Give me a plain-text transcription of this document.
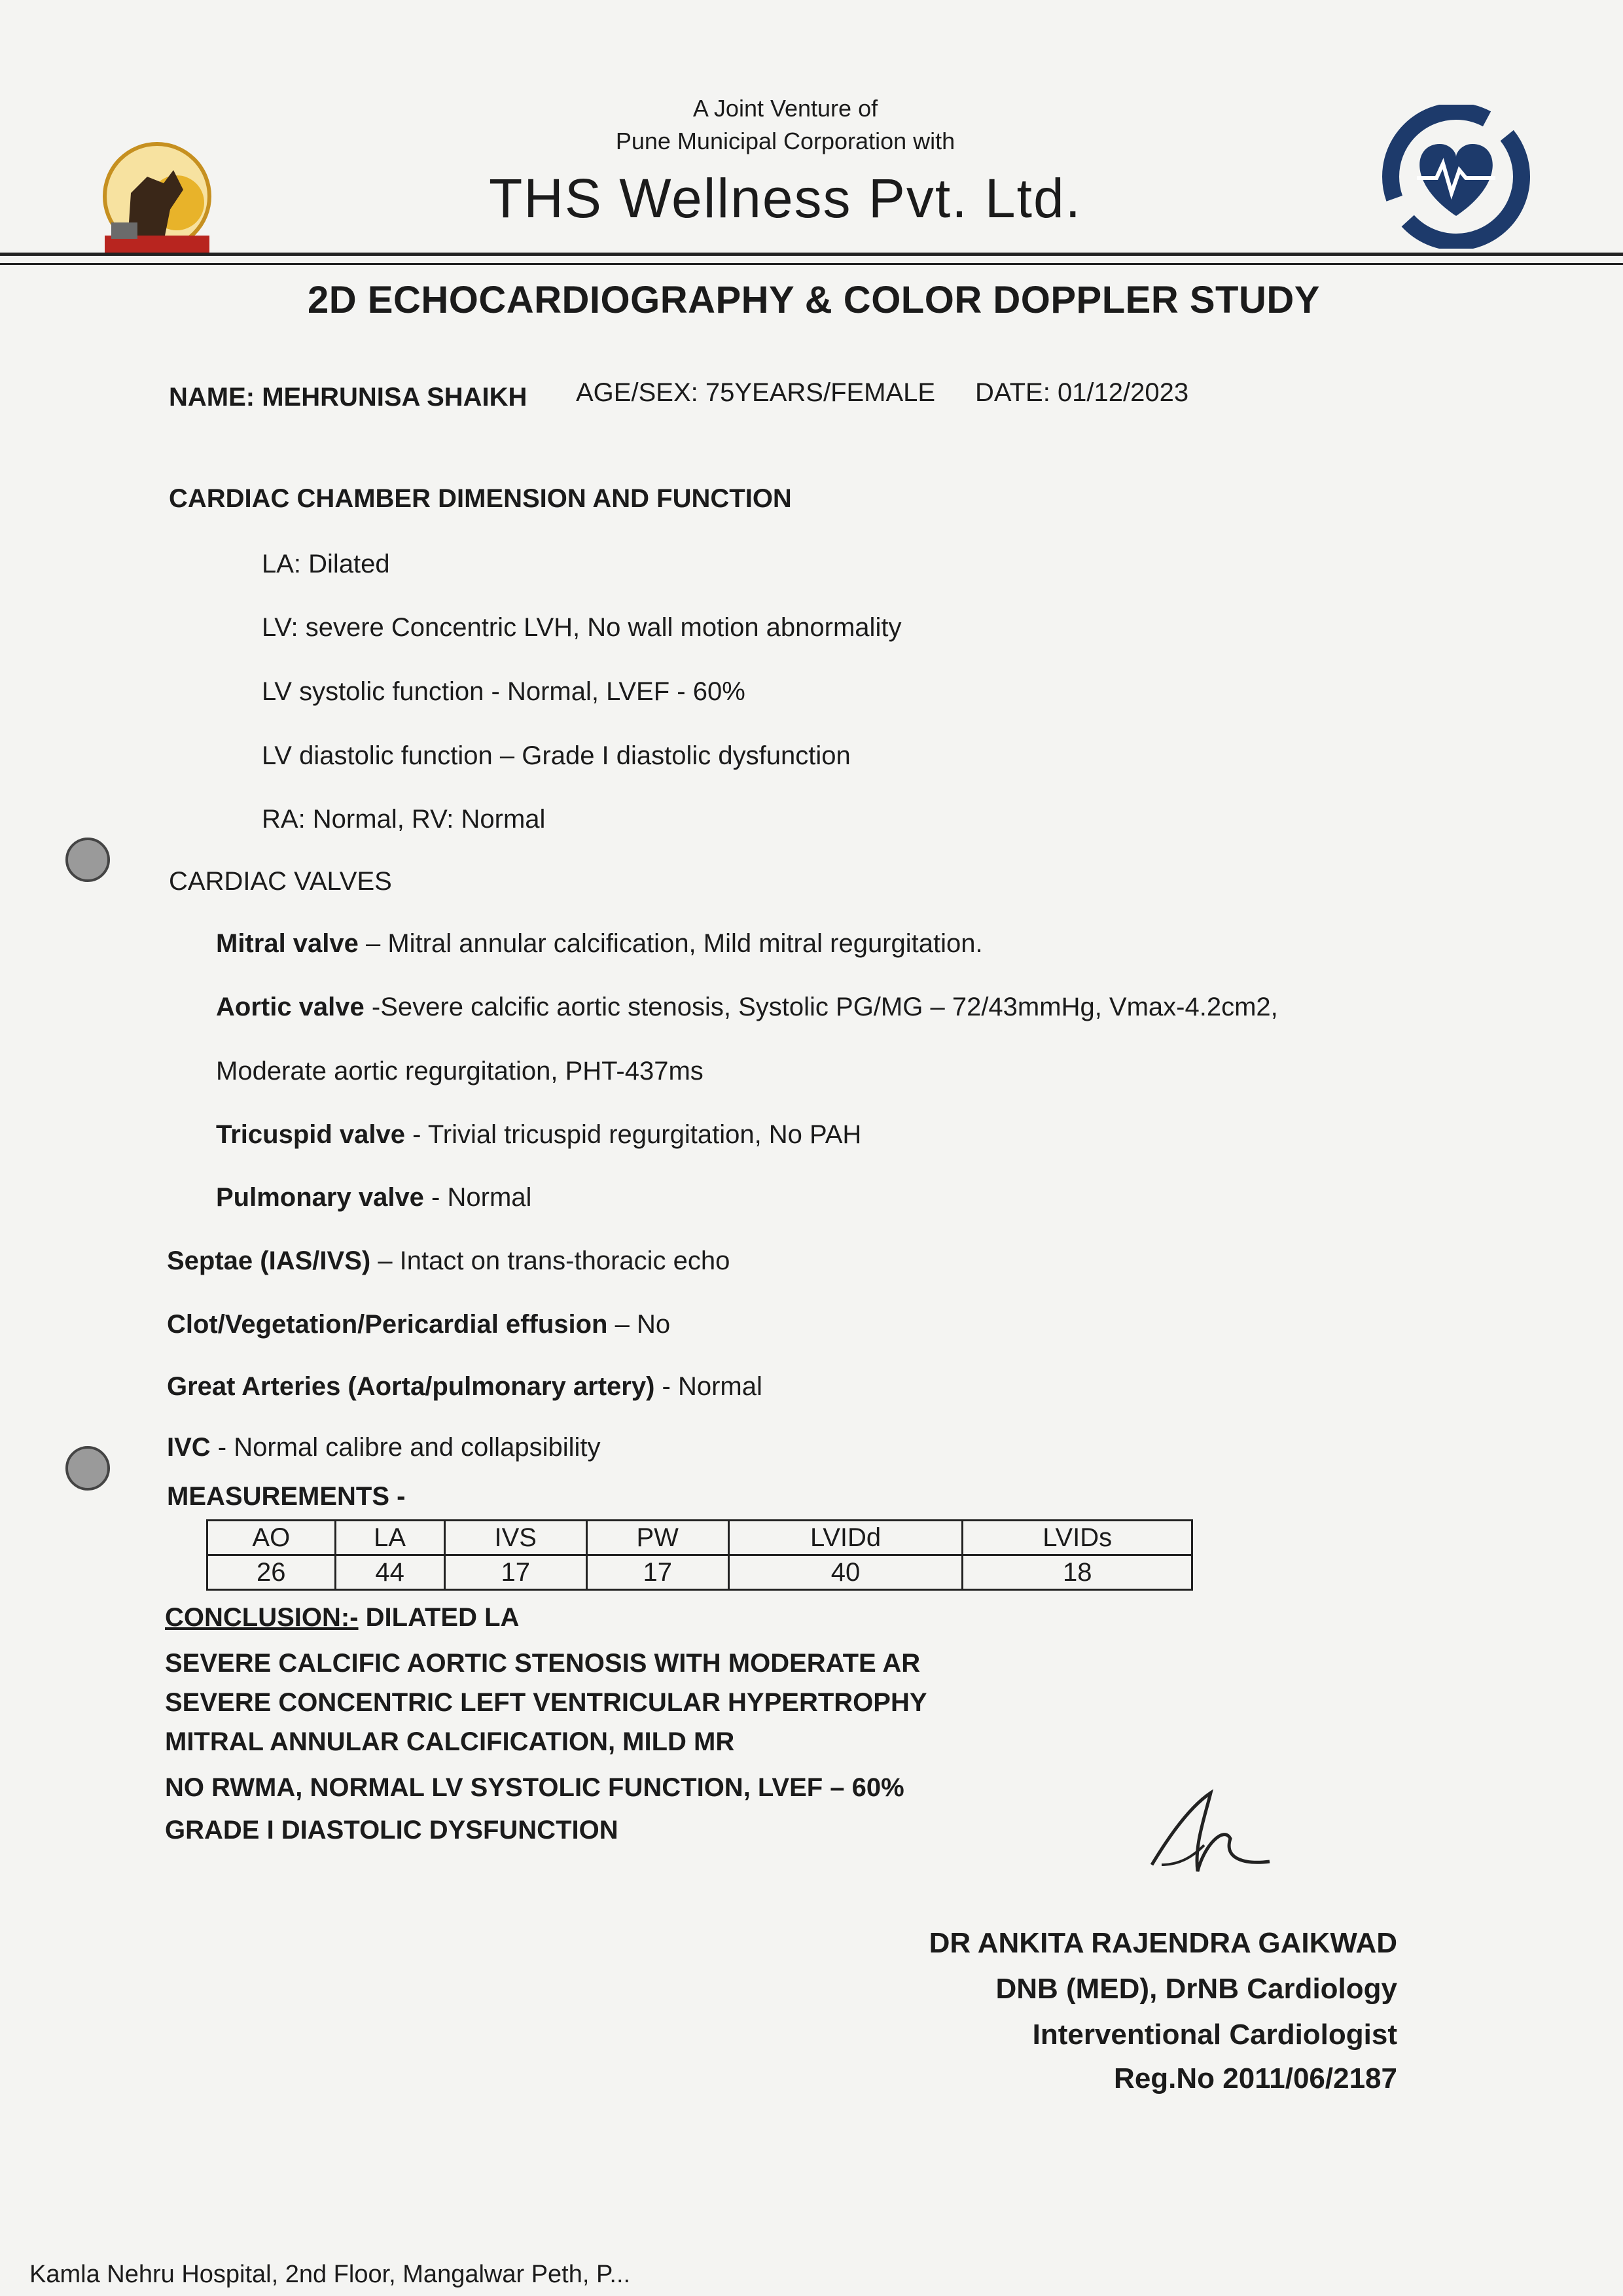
A Joint Venture of
Pune Municipal Corporation with
THS Wellness Pvt. Ltd.
2D ECHOCARDIOGRAPHY & COLOR DOPPLER STUDY
NAME: MEHRUNISA SHAIKH AGE/SEX: 75YEARS/FEMALE DATE: 01/12/2023
CARDIAC CHAMBER DIMENSION AND FUNCTION
LA: Dilated
LV: severe Concentric LVH, No wall motion abnormality
LV systolic function - Normal, LVEF - 60%
LV diastolic function – Grade I diastolic dysfunction
RA: Normal, RV: Normal
CARDIAC VALVES
Mitral valve – Mitral annular calcification, Mild mitral regurgitation.
Aortic valve -Severe calcific aortic stenosis, Systolic PG/MG – 72/43mmHg, Vmax-4.2cm2,
Moderate aortic regurgitation, PHT-437ms
Tricuspid valve - Trivial tricuspid regurgitation, No PAH
Pulmonary valve - Normal
Septae (IAS/IVS) – Intact on trans-thoracic echo
Clot/Vegetation/Pericardial effusion – No
Great Arteries (Aorta/pulmonary artery) - Normal
IVC - Normal calibre and collapsibility
MEASUREMENTS -
AO	LA	IVS	PW	LVIDd	LVIDs
26	44	17	17	40	18
CONCLUSION:- DILATED LA
SEVERE CALCIFIC AORTIC STENOSIS WITH MODERATE AR
SEVERE CONCENTRIC LEFT VENTRICULAR HYPERTROPHY
MITRAL ANNULAR CALCIFICATION, MILD MR
NO RWMA, NORMAL LV SYSTOLIC FUNCTION, LVEF – 60%
GRADE I DIASTOLIC DYSFUNCTION
DR ANKITA RAJENDRA GAIKWAD
DNB (MED), DrNB Cardiology
Interventional Cardiologist
Reg.No 2011/06/2187
Kamla Nehru Hospital, 2nd Floor, Mangalwar Peth, P...
